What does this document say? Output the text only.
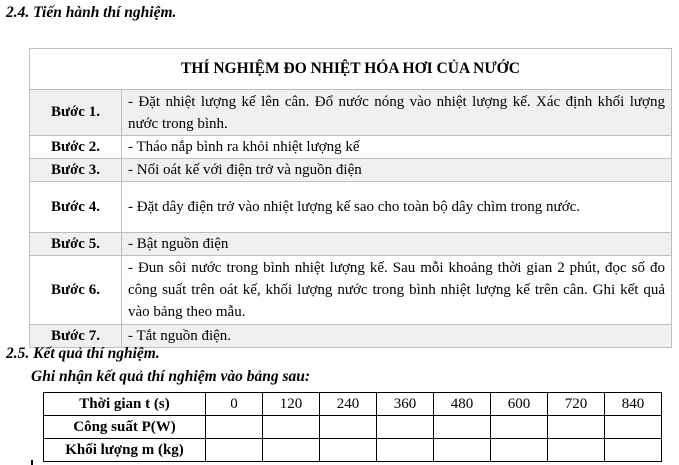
2.4. Tiến hành thí nghiệm.
THÍ NGHIỆM ĐO NHIỆT HÓA HƠI CỦA NƯỚC	
Bước 1.	- Đặt nhiệt lượng kế lên cân. Đổ nước nóng vào nhiệt lượng kế. Xác định khối lượng nước trong bình.
Bước 2.	- Tháo nắp bình ra khỏi nhiệt lượng kế
Bước 3.	- Nối oát kế với điện trở và nguồn điện
Bước 4.	- Đặt dây điện trở vào nhiệt lượng kế sao cho toàn bộ dây chìm trong nước.
Bước 5.	- Bật nguồn điện
Bước 6.	- Đun sôi nước trong bình nhiệt lượng kế. Sau mỗi khoảng thời gian 2 phút, đọc số đo công suất trên oát kế, khối lượng nước trong bình nhiệt lượng kế trên cân. Ghi kết quả vào bảng theo mẫu.
Bước 7.	- Tắt nguồn điện.
2.5. Kết quả thí nghiệm.
Ghi nhận kết quả thí nghiệm vào bảng sau:
Thời gian t (s)	0	120	240	360	480	600	720	840
Công suất P(W)								
Khối lượng m (kg)								
